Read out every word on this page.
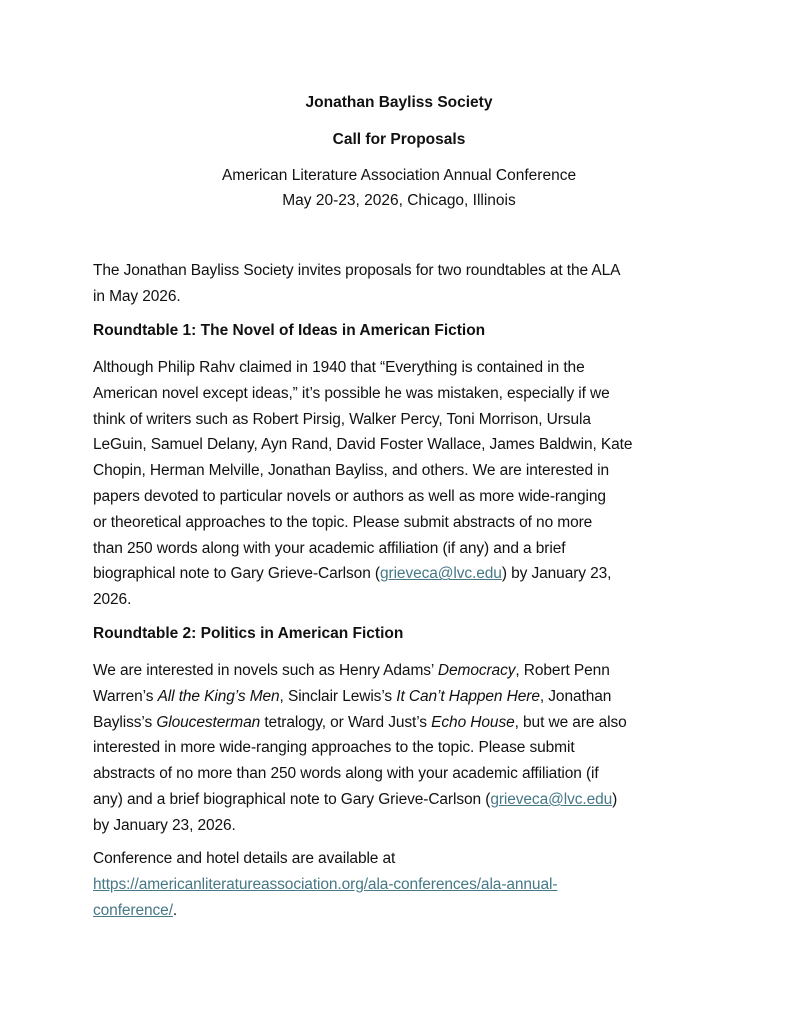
Jonathan Bayliss Society
Call for Proposals
American Literature Association Annual Conference
May 20-23, 2026, Chicago, Illinois
The Jonathan Bayliss Society invites proposals for two roundtables at the ALA
in May 2026.
Roundtable 1: The Novel of Ideas in American Fiction
Although Philip Rahv claimed in 1940 that “Everything is contained in the
American novel except ideas,” it’s possible he was mistaken, especially if we
think of writers such as Robert Pirsig, Walker Percy, Toni Morrison, Ursula
LeGuin, Samuel Delany, Ayn Rand, David Foster Wallace, James Baldwin, Kate
Chopin, Herman Melville, Jonathan Bayliss, and others. We are interested in
papers devoted to particular novels or authors as well as more wide-ranging
or theoretical approaches to the topic. Please submit abstracts of no more
than 250 words along with your academic affiliation (if any) and a brief
biographical note to Gary Grieve-Carlson (grieveca@lvc.edu) by January 23,
2026.
Roundtable 2: Politics in American Fiction
We are interested in novels such as Henry Adams’ Democracy, Robert Penn
Warren’s All the King’s Men, Sinclair Lewis’s It Can’t Happen Here, Jonathan
Bayliss’s Gloucesterman tetralogy, or Ward Just’s Echo House, but we are also
interested in more wide-ranging approaches to the topic. Please submit
abstracts of no more than 250 words along with your academic affiliation (if
any) and a brief biographical note to Gary Grieve-Carlson (grieveca@lvc.edu)
by January 23, 2026.
Conference and hotel details are available at
https://americanliteratureassociation.org/ala-conferences/ala-annual-
conference/.
